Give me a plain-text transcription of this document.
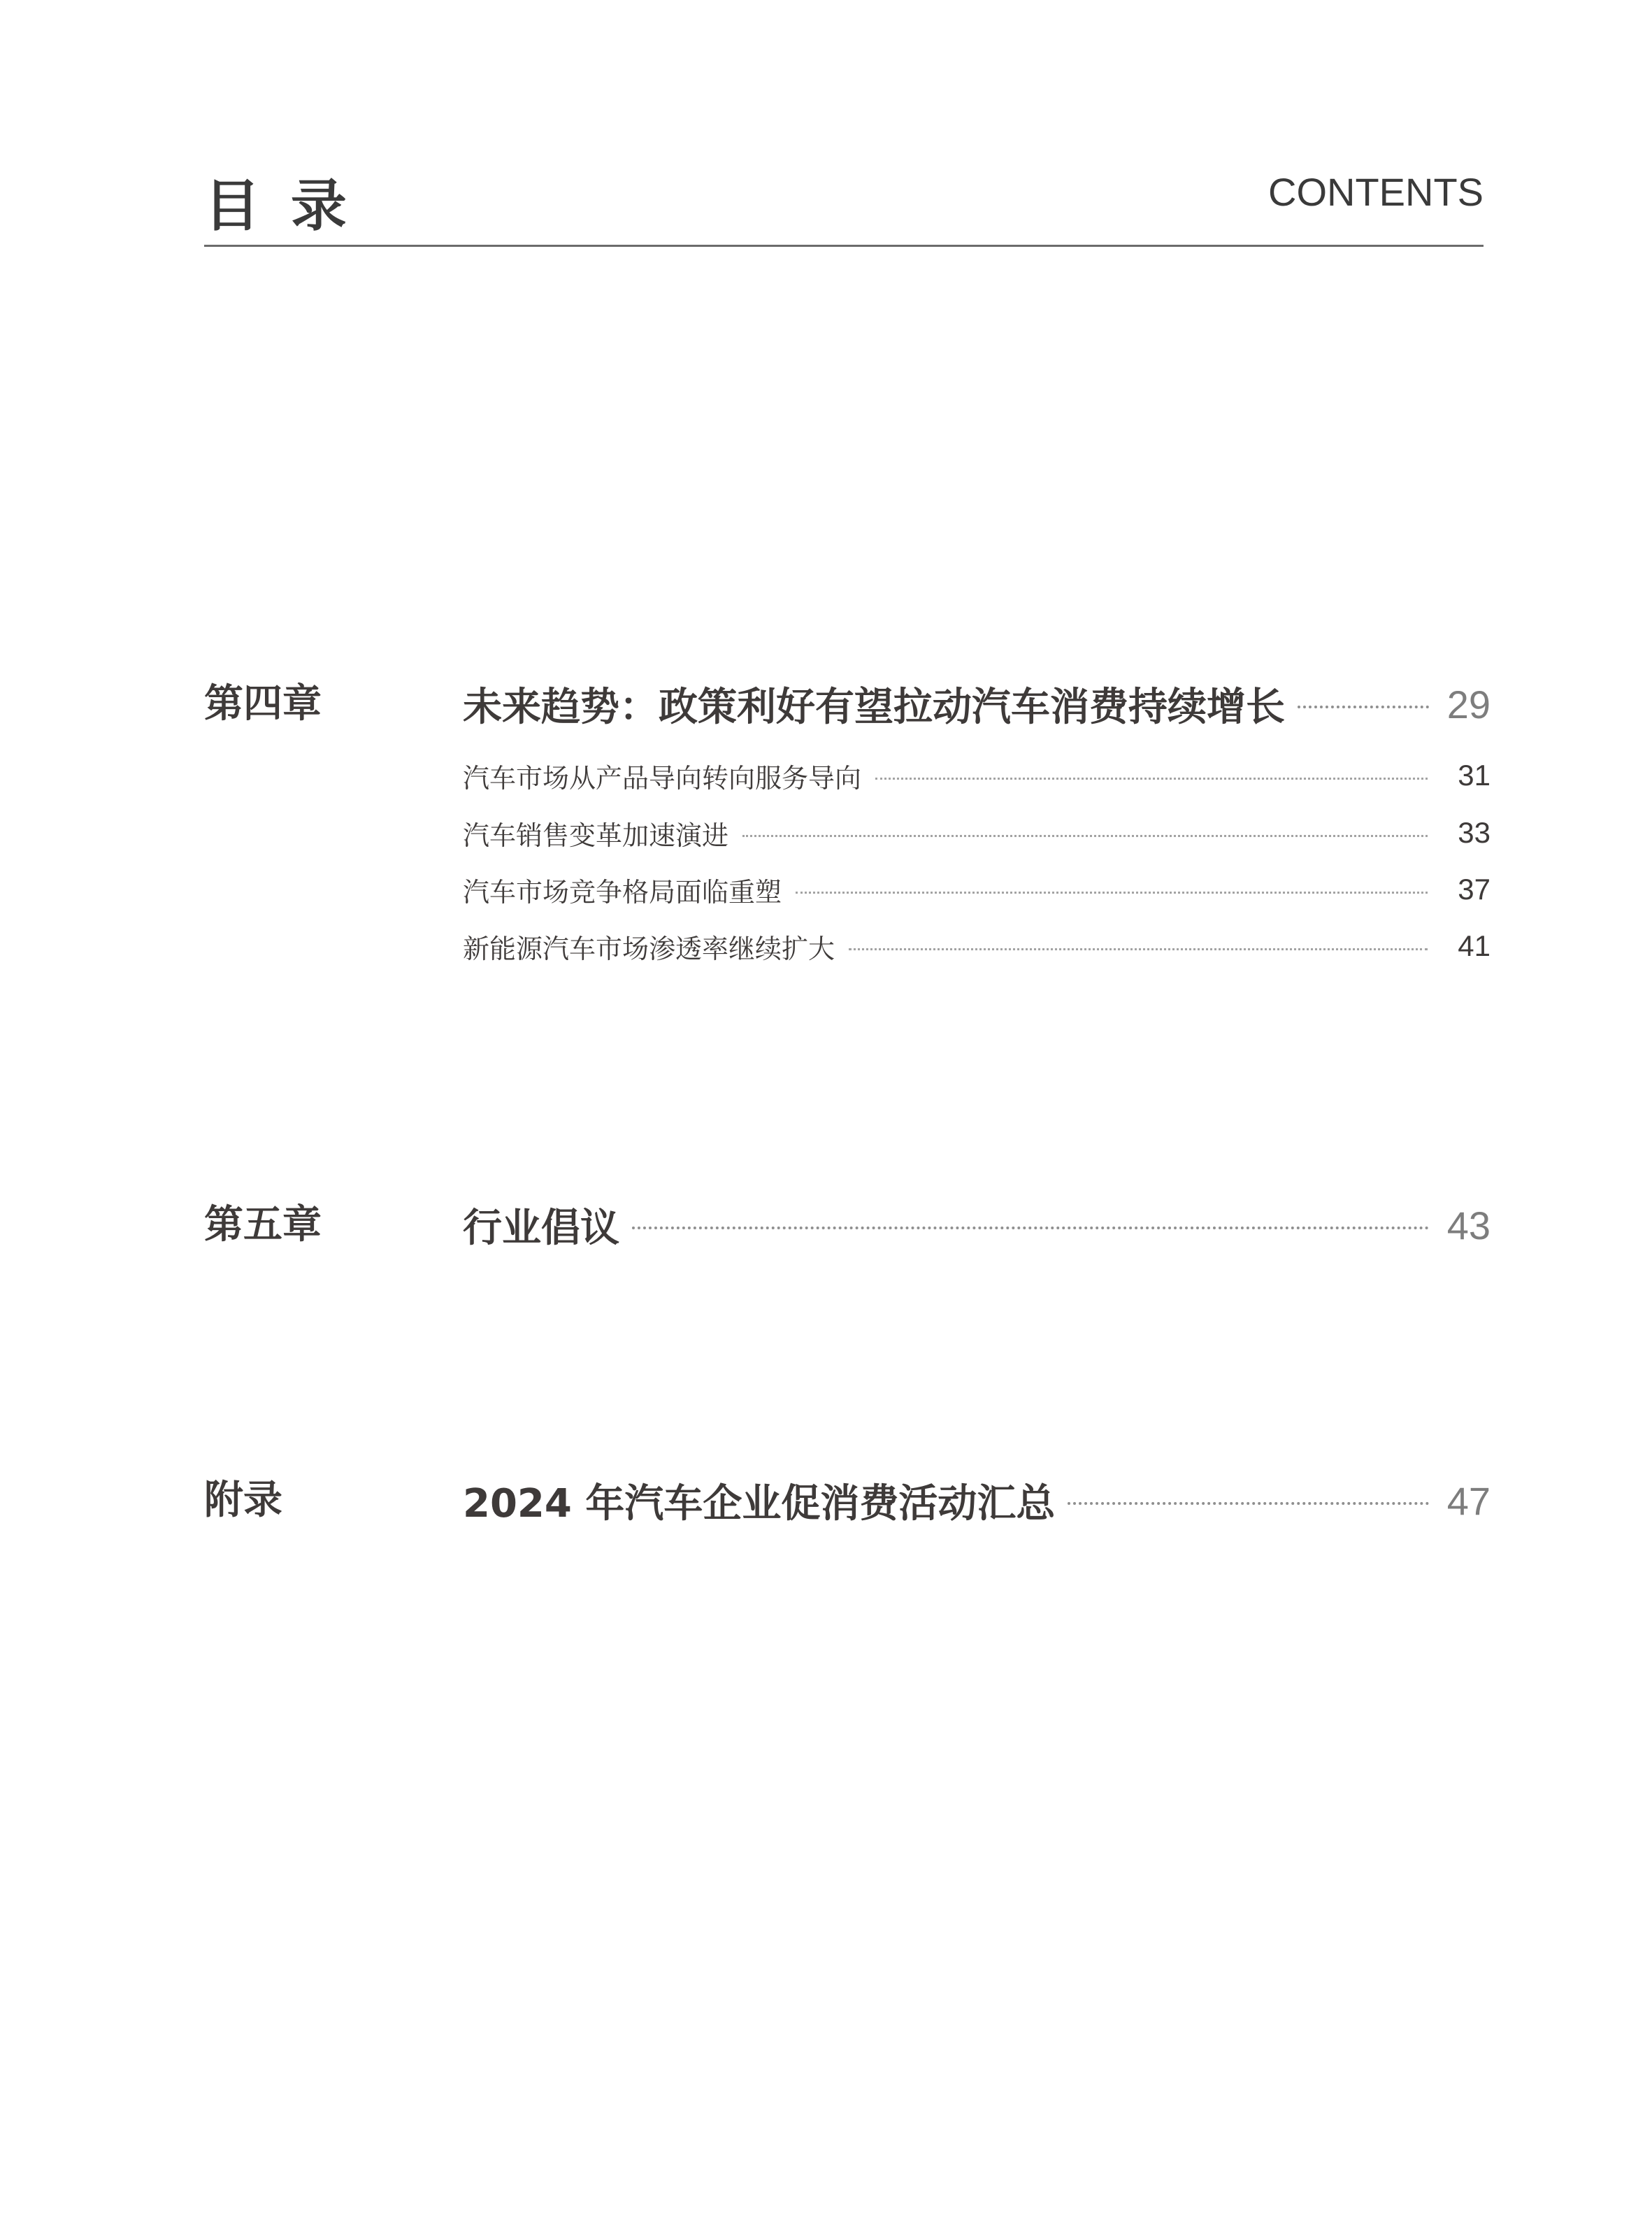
目 录	CONTENTS
第四章	未来趋势：政策利好有望拉动汽车消费持续增长	29
汽车市场从产品导向转向服务导向	31
汽车销售变革加速演进	33
汽车市场竞争格局面临重塑	37
新能源汽车市场渗透率继续扩大	41
第五章	行业倡议	43
附录	2024 年汽车企业促消费活动汇总	47
